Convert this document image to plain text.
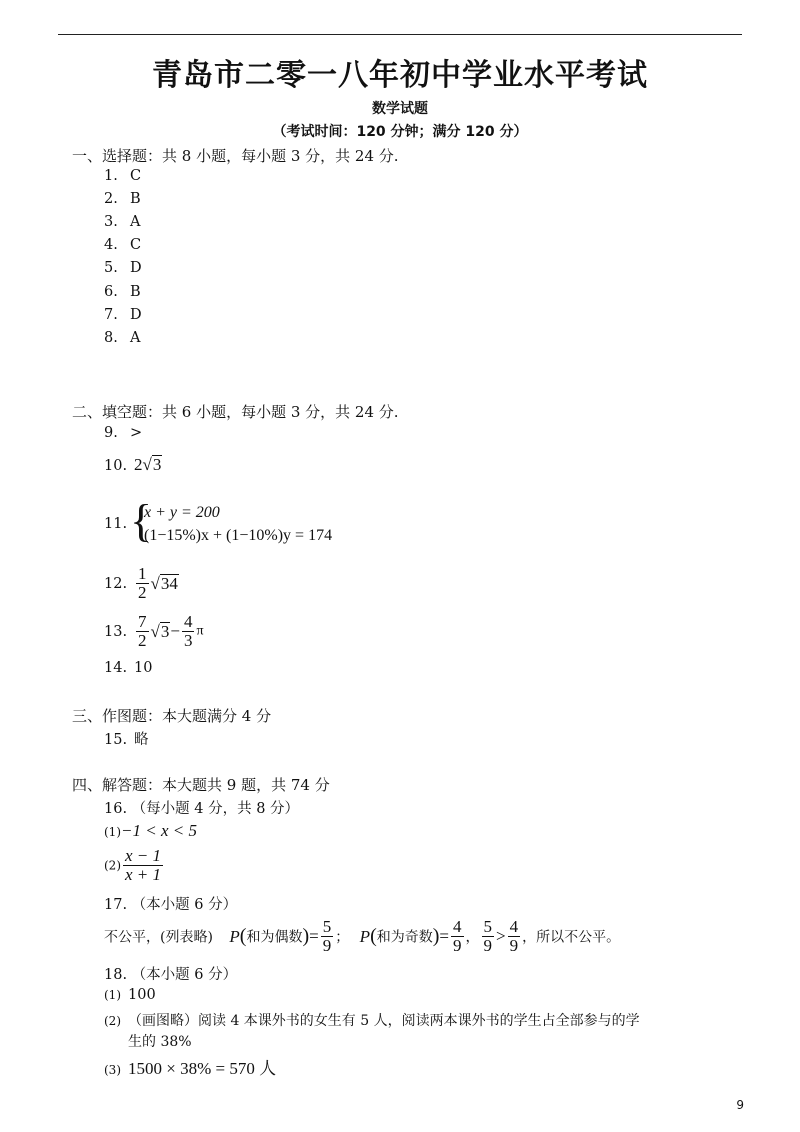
青岛市二零一八年初中学业水平考试
数学试题
（考试时间：120 分钟；满分 120 分）
一、选择题：共 8 小题，每小题 3 分，共 24 分.
1. C
2. B
3. A
4. C
5. D
6. B
7. D
8. A
二、填空题：共 6 小题，每小题 3 分，共 24 分.
9. >
10. 2√3
11.
{ x + y = 200
(1−15%)x + (1−10%)y = 174
12. $\frac{1}{2} √34$
13. $\frac{7}{2} √3- \frac{4}{3}$ π
14. 10
三、作图题：本大题满分 4 分
15. 略
四、解答题：本大题共 9 题，共 74 分
16. （每小题 4 分，共 8 分）
(1)−1 < x < 5
$(2) \frac{x - 1}{x + 1}$
17. （本小题 6 分）
不公平，(列表略) P(和为偶数)= $\frac{5}{9}$ ； P(和为奇数)= $\frac{4}{9}$ ， $\frac{5}{9} > \frac{4}{9}$ ，所以不公平。
18. （本小题 6 分）
(1) 100
(2) （画图略）阅读 4 本课外书的女生有 5 人，阅读两本课外书的学生占全部参与的学
生的 38%
(3) 1500 × 38% = 570 人
9
